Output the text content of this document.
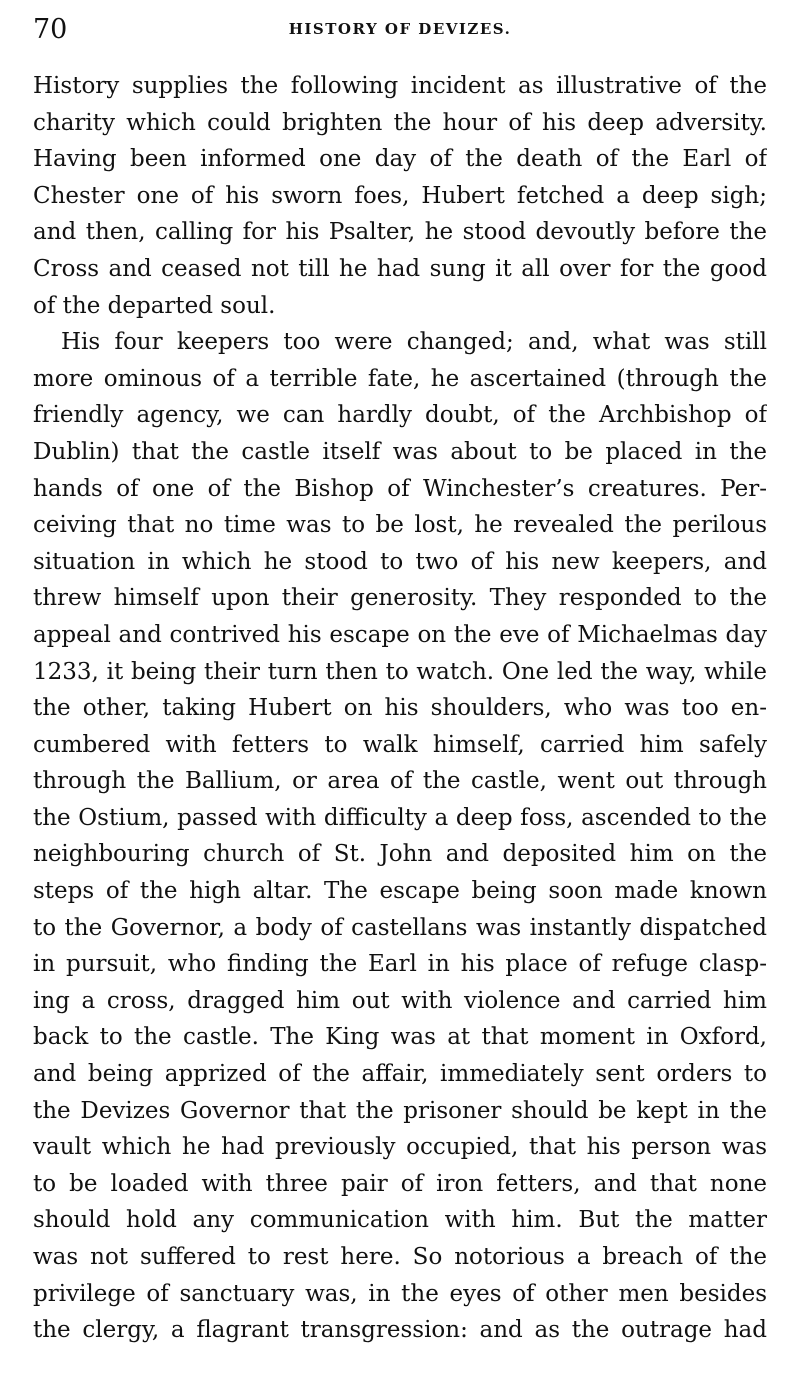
70	HISTORY OF DEVIZES.
History supplies the following incident as illustrative of the
charity which could brighten the hour of his deep adversity.
Having been informed one day of the death of the Earl of
Chester one of his sworn foes, Hubert fetched a deep sigh;
and then, calling for his Psalter, he stood devoutly before the
Cross and ceased not till he had sung it all over for the good
of the departed soul.
His four keepers too were changed; and, what was still
more ominous of a terrible fate, he ascertained (through the
friendly agency, we can hardly doubt, of the Archbishop of
Dublin) that the castle itself was about to be placed in the
hands of one of the Bishop of Winchester’s creatures. Per-
ceiving that no time was to be lost, he revealed the perilous
situation in which he stood to two of his new keepers, and
threw himself upon their generosity. They responded to the
appeal and contrived his escape on the eve of Michaelmas day
1233, it being their turn then to watch. One led the way, while
the other, taking Hubert on his shoulders, who was too en-
cumbered with fetters to walk himself, carried him safely
through the Ballium, or area of the castle, went out through
the Ostium, passed with difficulty a deep foss, ascended to the
neighbouring church of St. John and deposited him on the
steps of the high altar. The escape being soon made known
to the Governor, a body of castellans was instantly dispatched
in pursuit, who finding the Earl in his place of refuge clasp-
ing a cross, dragged him out with violence and carried him
back to the castle. The King was at that moment in Oxford,
and being apprized of the affair, immediately sent orders to
the Devizes Governor that the prisoner should be kept in the
vault which he had previously occupied, that his person was
to be loaded with three pair of iron fetters, and that none
should hold any communication with him. But the matter
was not suffered to rest here. So notorious a breach of the
privilege of sanctuary was, in the eyes of other men besides
the clergy, a flagrant transgression: and as the outrage had
